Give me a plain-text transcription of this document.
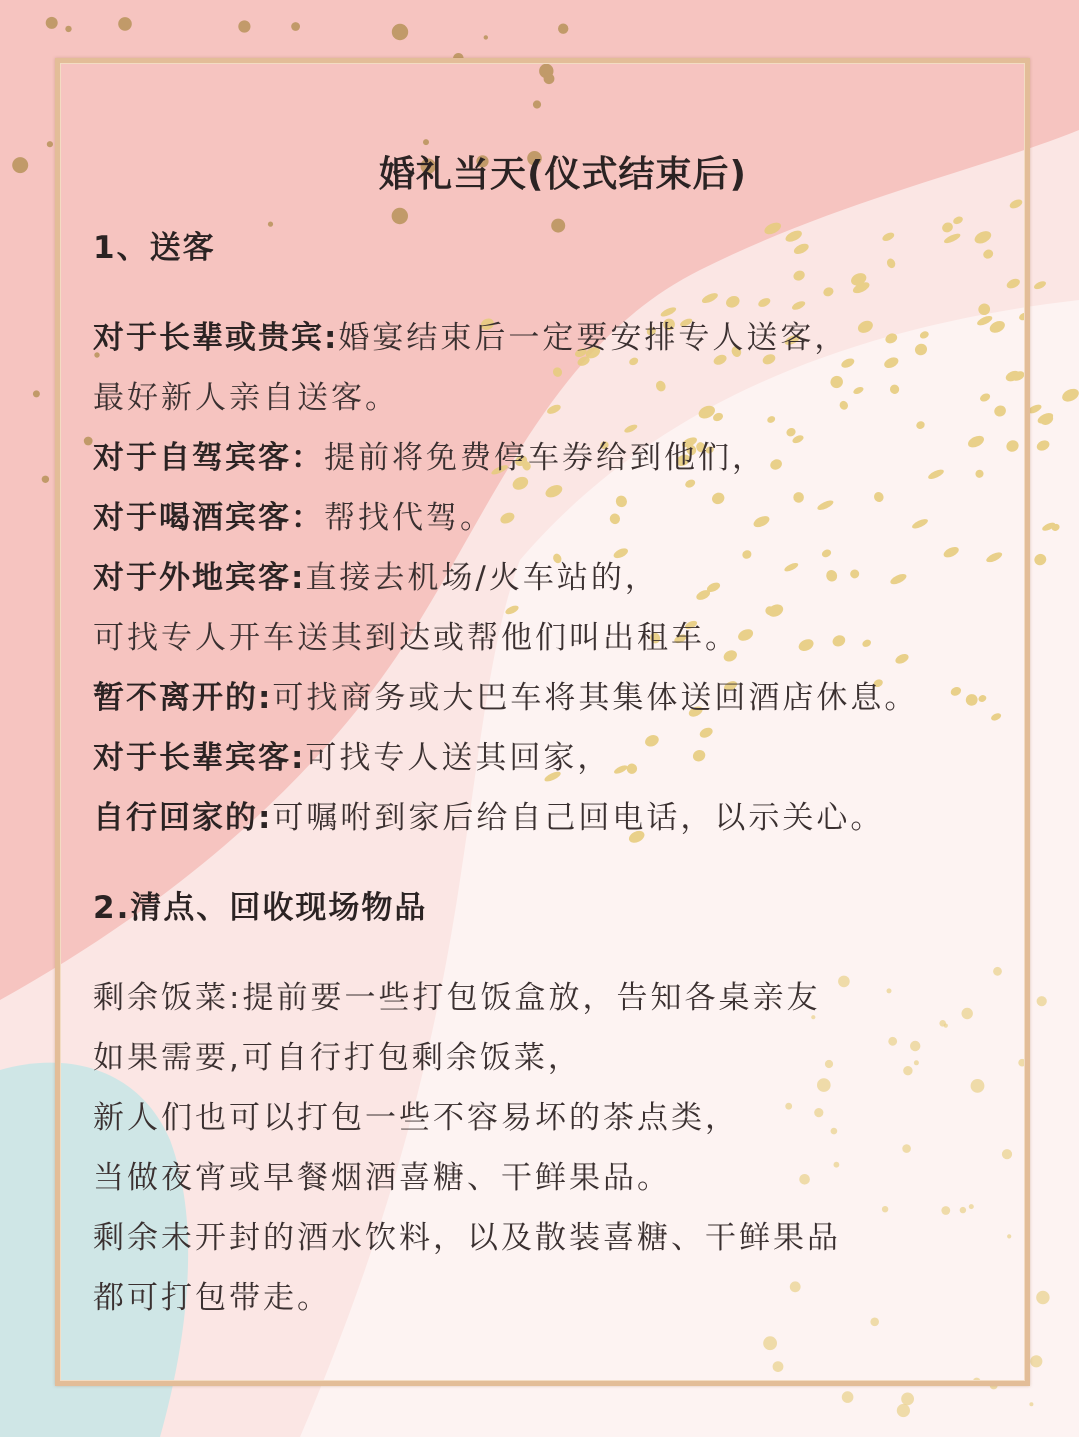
婚礼当天(仪式结束后)
1、送客
对于长辈或贵宾:婚宴结束后一定要安排专人送客，
最好新人亲自送客。
对于自驾宾客：提前将免费停车券给到他们，
对于喝酒宾客：帮找代驾。
对于外地宾客:直接去机场/火车站的，
可找专人开车送其到达或帮他们叫出租车。
暂不离开的:可找商务或大巴车将其集体送回酒店休息。
对于长辈宾客:可找专人送其回家，
自行回家的:可嘱咐到家后给自己回电话，以示关心。
2.清点、回收现场物品
剩余饭菜:提前要一些打包饭盒放，告知各桌亲友
如果需要,可自行打包剩余饭菜，
新人们也可以打包一些不容易坏的茶点类，
当做夜宵或早餐烟酒喜糖、干鲜果品。
剩余未开封的酒水饮料，以及散装喜糖、干鲜果品
都可打包带走。
